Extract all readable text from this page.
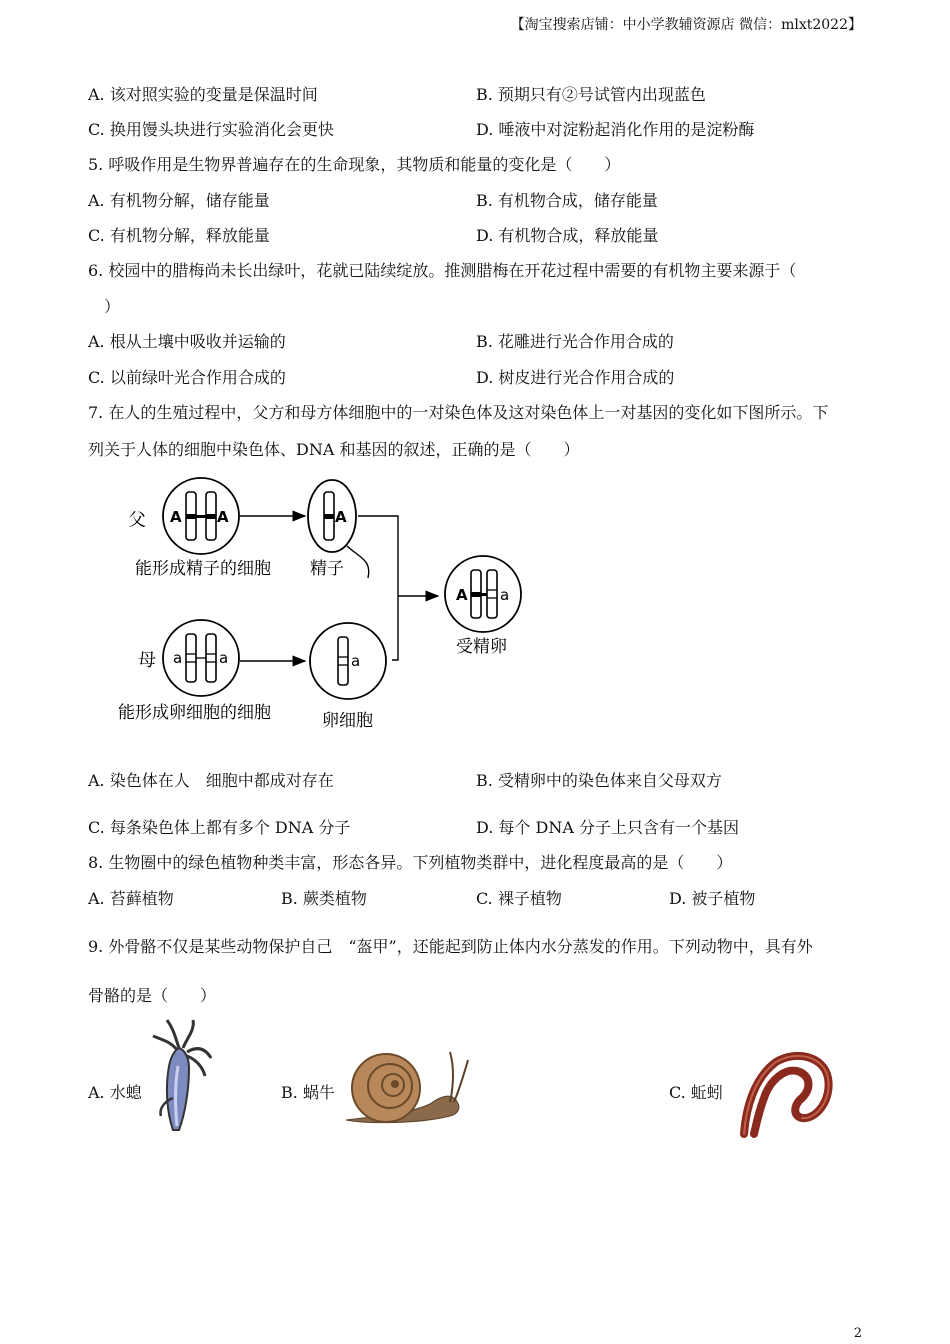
【淘宝搜索店铺：中小学教辅资源店 微信：mlxt2022】
A. 该对照实验的变量是保温时间	B. 预期只有②号试管内出现蓝色
C. 换用馒头块进行实验消化会更快	D. 唾液中对淀粉起消化作用的是淀粉酶
5. 呼吸作用是生物界普遍存在的生命现象，其物质和能量的变化是（　　）
A. 有机物分解，储存能量	B. 有机物合成，储存能量
C. 有机物分解，释放能量	D. 有机物合成，释放能量
6. 校园中的腊梅尚未长出绿叶，花就已陆续绽放。推测腊梅在开花过程中需要的有机物主要来源于（
）
A. 根从土壤中吸收并运输的	B. 花雕进行光合作用合成的
C. 以前绿叶光合作用合成的	D. 树皮进行光合作用合成的
7. 在人的生殖过程中，父方和母方体细胞中的一对染色体及这对染色体上一对基因的变化如下图所示。下
列关于人体的细胞中染色体、DNA 和基因的叙述，正确的是（　　）
父 A A
能形成精子的细胞
A
精子
A a
受精卵
母 a a
能形成卵细胞的细胞
a
卵细胞
A. 染色体在人　细胞中都成对存在	B. 受精卵中的染色体来自父母双方
C. 每条染色体上都有多个 DNA 分子	D. 每个 DNA 分子上只含有一个基因
8. 生物圈中的绿色植物种类丰富，形态各异。下列植物类群中，进化程度最高的是（　　）
A. 苔藓植物	B. 蕨类植物	C. 裸子植物	D. 被子植物
9. 外骨骼不仅是某些动物保护自己　“盔甲”，还能起到防止体内水分蒸发的作用。下列动物中，具有外
骨骼的是（　　）
A. 水螅	B. 蜗牛	C. 蚯蚓
2
